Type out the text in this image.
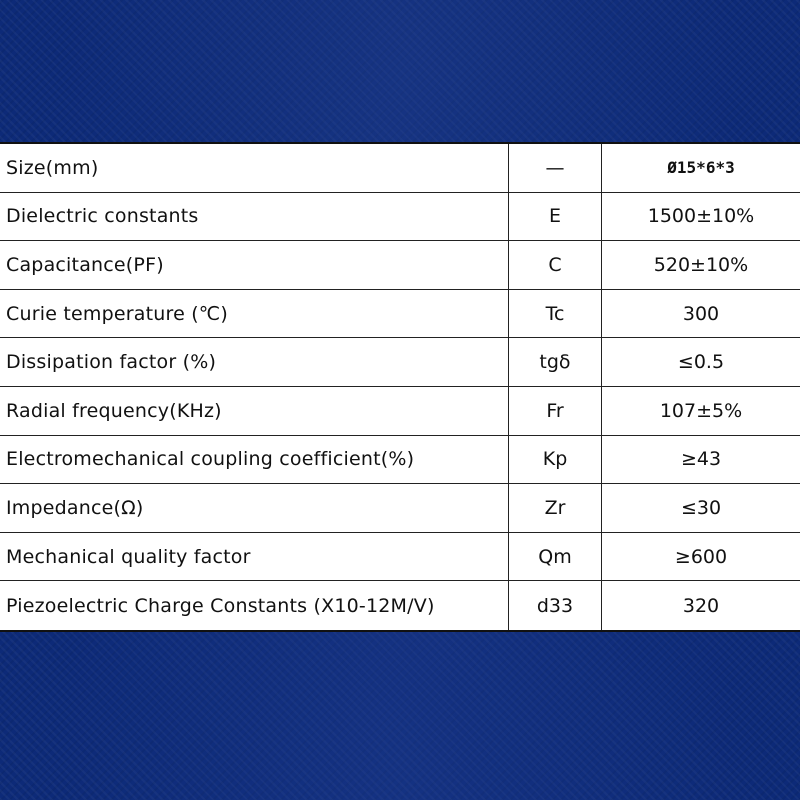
Size(mm)	—	Ø15*6*3
Dielectric constants	E	1500±10%
Capacitance(PF)	C	520±10%
Curie temperature (℃)	Tc	300
Dissipation factor (%)	tgδ	≤0.5
Radial frequency(KHz)	Fr	107±5%
Electromechanical coupling coefficient(%)	Kp	≥43
Impedance(Ω)	Zr	≤30
Mechanical quality factor	Qm	≥600
Piezoelectric Charge Constants (X10-12M/V)	d33	320
